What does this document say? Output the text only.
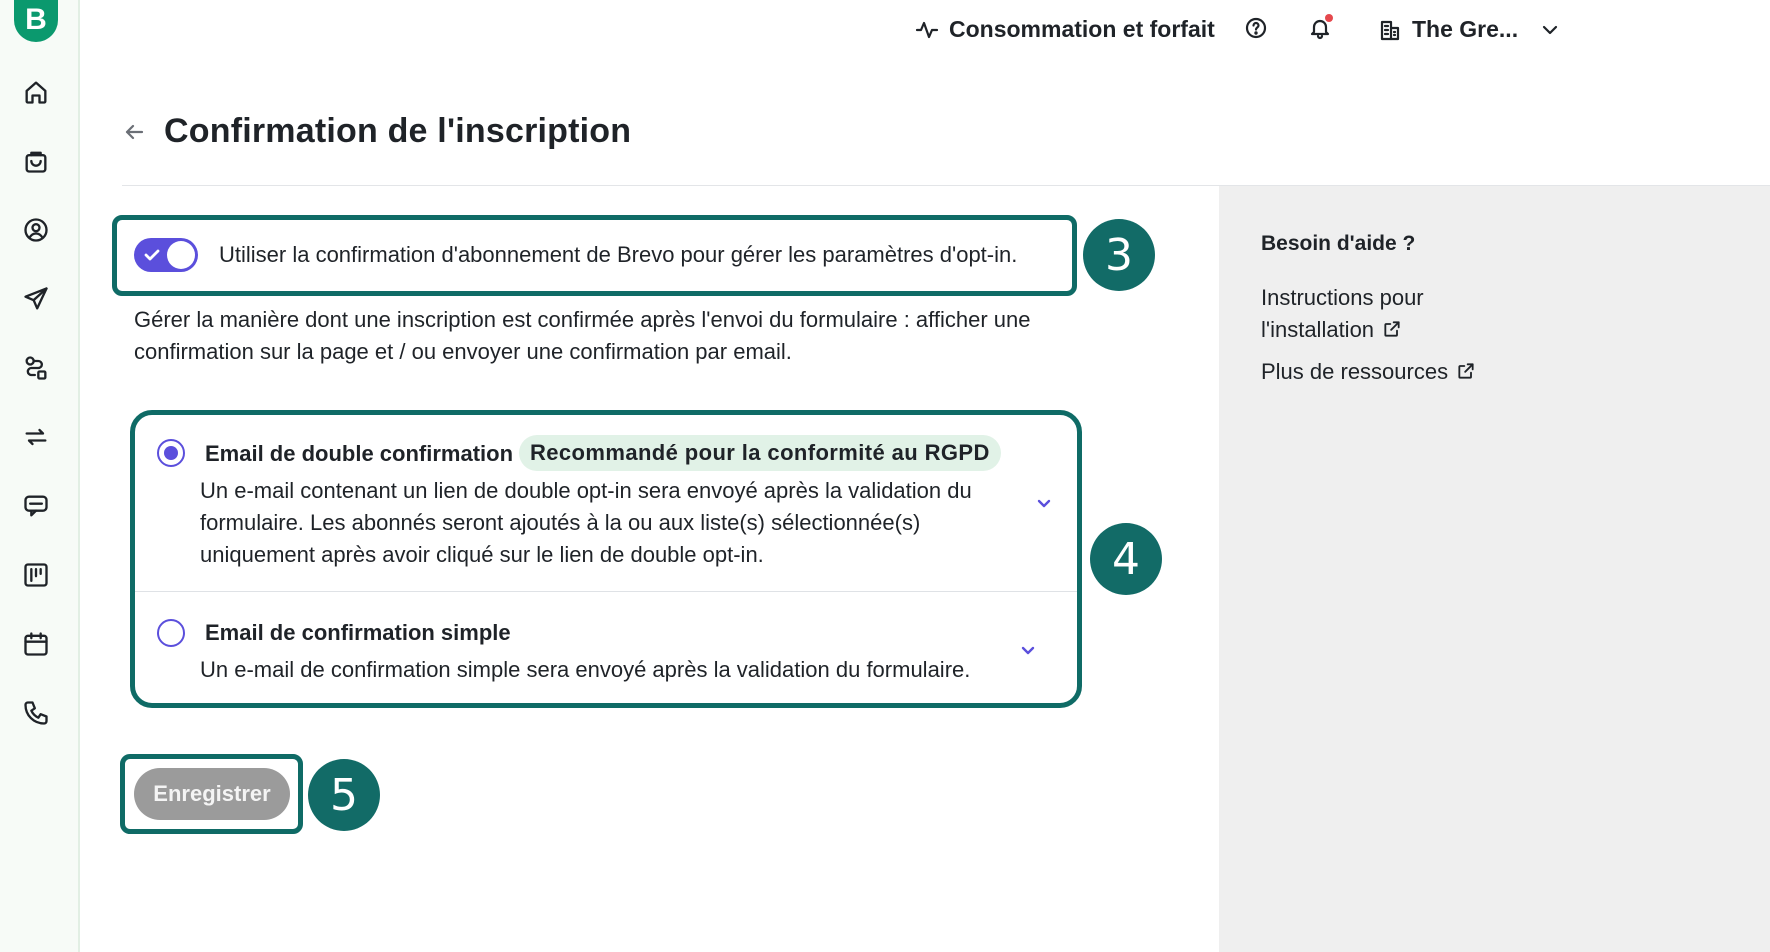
B	Consommation et forfait	The Gre...
Confirmation de l'inscription
3
Utiliser la confirmation d'abonnement de Brevo pour gérer les paramètres d'opt-in.

Gérer la manière dont une inscription est confirmée après l'envoi du formulaire : afficher une confirmation sur la page et / ou envoyer une confirmation par email.

Email de double confirmation Recommandé pour la conformité au RGPD
Un e-mail contenant un lien de double opt-in sera envoyé après la validation du formulaire. Les abonnés seront ajoutés à la ou aux liste(s) sélectionnée(s) uniquement après avoir cliqué sur le lien de double opt-in.
Email de confirmation simple
Un e-mail de confirmation simple sera envoyé après la validation du formulaire.
4
Enregistrer	5
Besoin d'aide ?
Instructions pour l'installation
Plus de ressources
